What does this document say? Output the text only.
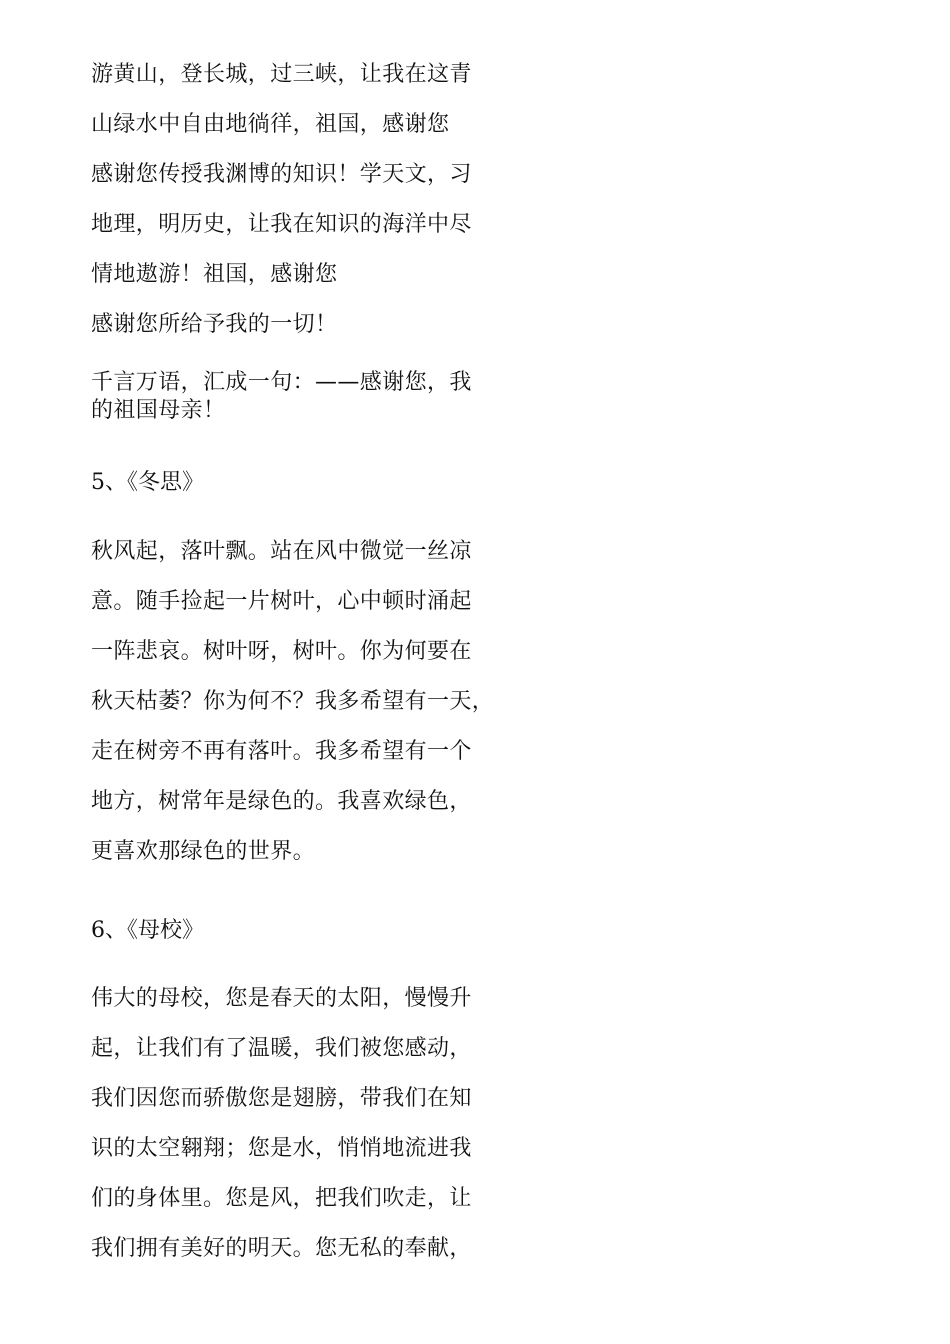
游黄山，登长城，过三峡，让我在这青
山绿水中自由地徜徉，祖国，感谢您
感谢您传授我渊博的知识！学天文，习
地理，明历史，让我在知识的海洋中尽
情地遨游！祖国，感谢您
感谢您所给予我的一切！
千言万语，汇成一句：——感谢您，我
的祖国母亲！
5、《冬思》
秋风起，落叶飘。站在风中微觉一丝凉
意。随手捡起一片树叶，心中顿时涌起
一阵悲哀。树叶呀，树叶。你为何要在
秋天枯萎？你为何不？我多希望有一天，
走在树旁不再有落叶。我多希望有一个
地方，树常年是绿色的。我喜欢绿色，
更喜欢那绿色的世界。
6、《母校》
伟大的母校，您是春天的太阳，慢慢升
起，让我们有了温暖，我们被您感动，
我们因您而骄傲您是翅膀，带我们在知
识的太空翱翔；您是水，悄悄地流进我
们的身体里。您是风，把我们吹走，让
我们拥有美好的明天。您无私的奉献，
